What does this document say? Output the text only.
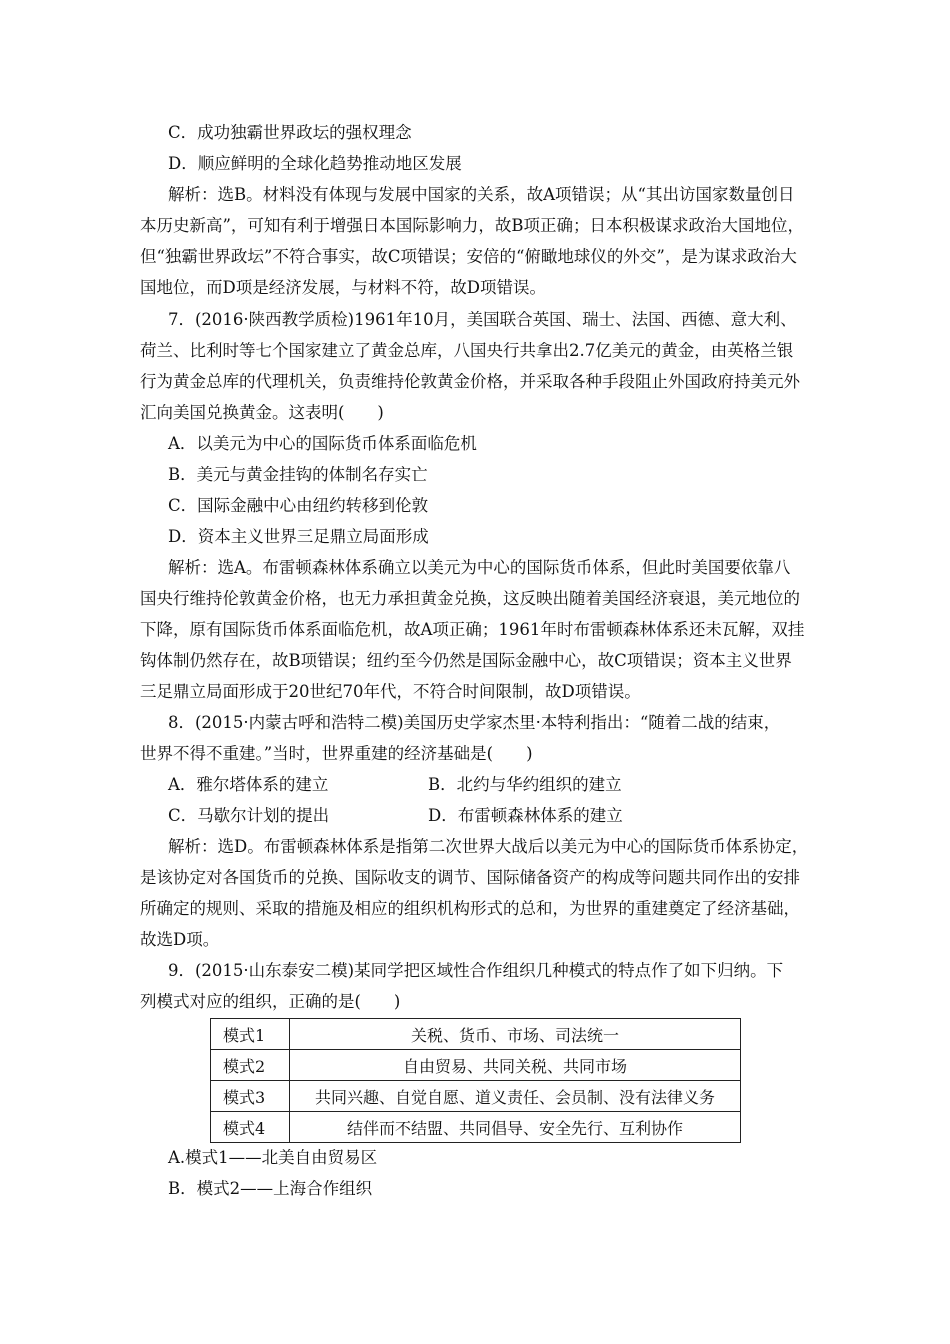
C．成功独霸世界政坛的强权理念
D．顺应鲜明的全球化趋势推动地区发展
解析：选B。材料没有体现与发展中国家的关系，故A项错误；从“其出访国家数量创日
本历史新高”，可知有利于增强日本国际影响力，故B项正确；日本积极谋求政治大国地位，
但“独霸世界政坛”不符合事实，故C项错误；安倍的“俯瞰地球仪的外交”，是为谋求政治大
国地位，而D项是经济发展，与材料不符，故D项错误。
7．(2016·陕西教学质检)1961年10月，美国联合英国、瑞士、法国、西德、意大利、
荷兰、比利时等七个国家建立了黄金总库，八国央行共拿出2.7亿美元的黄金，由英格兰银
行为黄金总库的代理机关，负责维持伦敦黄金价格，并采取各种手段阻止外国政府持美元外
汇向美国兑换黄金。这表明(　　)
A．以美元为中心的国际货币体系面临危机
B．美元与黄金挂钩的体制名存实亡
C．国际金融中心由纽约转移到伦敦
D．资本主义世界三足鼎立局面形成
解析：选A。布雷顿森林体系确立以美元为中心的国际货币体系，但此时美国要依靠八
国央行维持伦敦黄金价格，也无力承担黄金兑换，这反映出随着美国经济衰退，美元地位的
下降，原有国际货币体系面临危机，故A项正确；1961年时布雷顿森林体系还未瓦解，双挂
钩体制仍然存在，故B项错误；纽约至今仍然是国际金融中心，故C项错误；资本主义世界
三足鼎立局面形成于20世纪70年代，不符合时间限制，故D项错误。
8．(2015·内蒙古呼和浩特二模)美国历史学家杰里·本特利指出：“随着二战的结束，
世界不得不重建。”当时，世界重建的经济基础是(　　)
A．雅尔塔体系的建立	B．北约与华约组织的建立
C．马歇尔计划的提出	D．布雷顿森林体系的建立
解析：选D。布雷顿森林体系是指第二次世界大战后以美元为中心的国际货币体系协定，
是该协定对各国货币的兑换、国际收支的调节、国际储备资产的构成等问题共同作出的安排
所确定的规则、采取的措施及相应的组织机构形式的总和，为世界的重建奠定了经济基础，
故选D项。
9．(2015·山东泰安二模)某同学把区域性合作组织几种模式的特点作了如下归纳。下
列模式对应的组织，正确的是(　　)
模式1	关税、货币、市场、司法统一
模式2	自由贸易、共同关税、共同市场
模式3	共同兴趣、自觉自愿、道义责任、会员制、没有法律义务
模式4	结伴而不结盟、共同倡导、安全先行、互利协作
A.模式1——北美自由贸易区
B．模式2——上海合作组织
